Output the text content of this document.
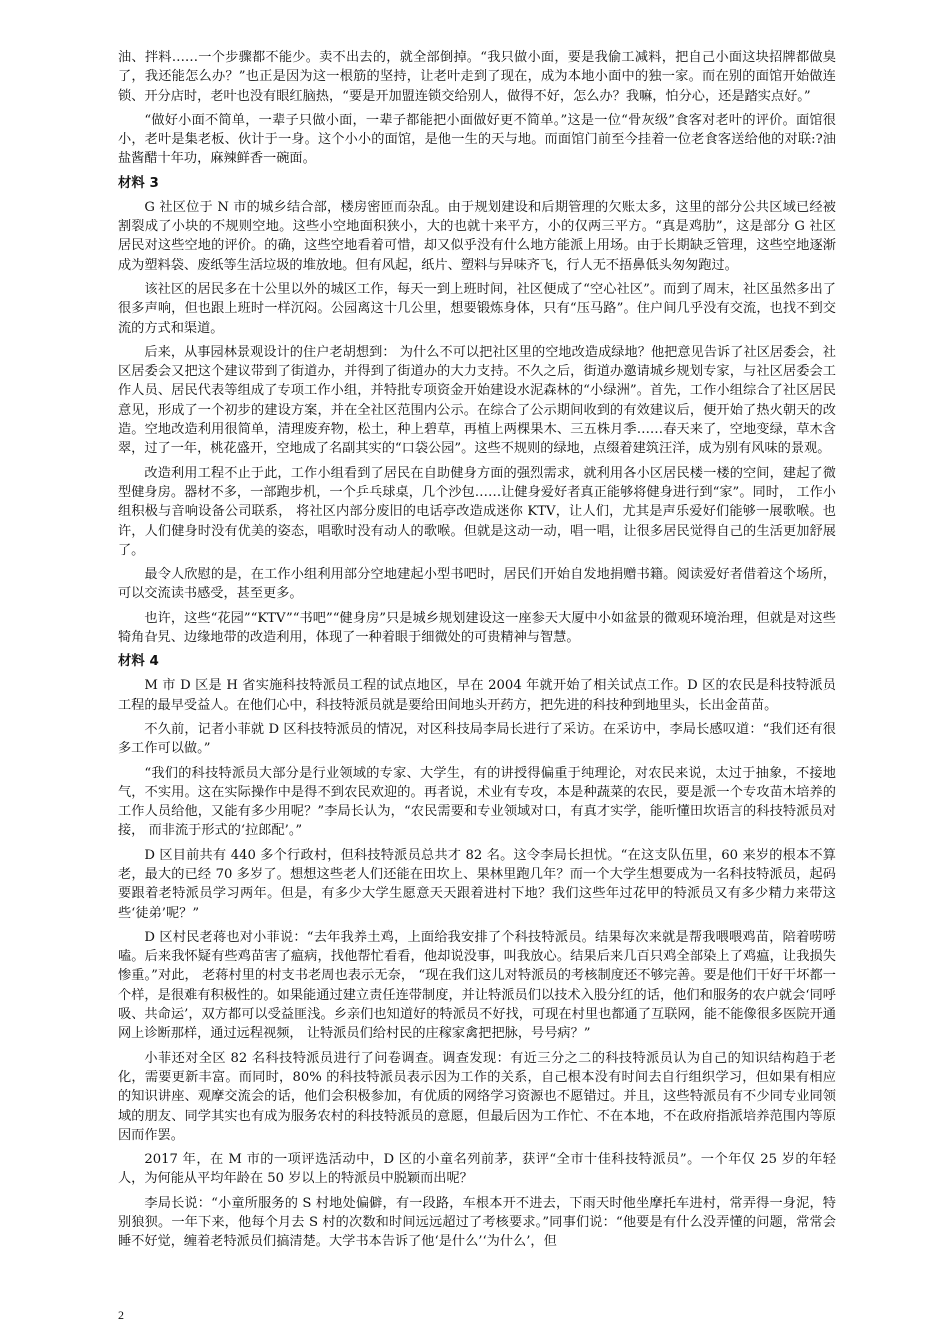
油、拌料……一个步骤都不能少。卖不出去的，就全部倒掉。“我只做小面，要是我偷工减料，把自己小面这块招牌都做臭了，我还能怎么办？”也正是因为这一根筋的坚持，让老叶走到了现在，成为本地小面中的独一家。而在别的面馆开始做连锁、开分店时，老叶也没有眼红脑热，“要是开加盟连锁交给别人，做得不好，怎么办？我嘛，怕分心，还是踏实点好。”

“做好小面不简单，一辈子只做小面，一辈子都能把小面做好更不简单。”这是一位“骨灰级”食客对老叶的评价。面馆很小，老叶是集老板、伙计于一身。这个小小的面馆，是他一生的天与地。而面馆门前至今挂着一位老食客送给他的对联:?油盐酱醋十年功，麻辣鲜香一碗面。

材料 3

G 社区位于 N 市的城乡结合部，楼房密匝而杂乱。由于规划建设和后期管理的欠账太多，这里的部分公共区域已经被割裂成了小块的不规则空地。这些小空地面积狭小，大的也就十来平方，小的仅两三平方。“真是鸡肋”，这是部分 G 社区居民对这些空地的评价。的确，这些空地看着可惜，却又似乎没有什么地方能派上用场。由于长期缺乏管理，这些空地逐渐成为塑料袋、废纸等生活垃圾的堆放地。但有风起，纸片、塑料与异味齐飞，行人无不捂鼻低头匆匆跑过。

该社区的居民多在十公里以外的城区工作，每天一到上班时间，社区便成了“空心社区”。而到了周末，社区虽然多出了很多声响，但也跟上班时一样沉闷。公园离这十几公里，想要锻炼身体，只有“压马路”。住户间几乎没有交流，也找不到交流的方式和渠道。

后来，从事园林景观设计的住户老胡想到： 为什么不可以把社区里的空地改造成绿地？他把意见告诉了社区居委会，社区居委会又把这个建议带到了街道办，并得到了街道办的大力支持。不久之后，街道办邀请城乡规划专家，与社区居委会工作人员、居民代表等组成了专项工作小组，并特批专项资金开始建设水泥森林的“小绿洲”。首先，工作小组综合了社区居民意见，形成了一个初步的建设方案，并在全社区范围内公示。在综合了公示期间收到的有效建议后，便开始了热火朝天的改造。空地改造利用很简单，清理废弃物，松土，种上碧草，再植上两棵果木、三五株月季……春天来了，空地变绿，草木含翠，过了一年，桃花盛开，空地成了名副其实的“口袋公园”。这些不规则的绿地，点缀着建筑汪洋，成为别有风味的景观。

改造利用工程不止于此，工作小组看到了居民在自助健身方面的强烈需求，就利用各小区居民楼一楼的空间，建起了微型健身房。器材不多，一部跑步机，一个乒乓球桌，几个沙包……让健身爱好者真正能够将健身进行到“家”。同时， 工作小组积极与音响设备公司联系， 将社区内部分废旧的电话亭改造成迷你 KTV，让人们，尤其是声乐爱好们能够一展歌喉。也许，人们健身时没有优美的姿态，唱歌时没有动人的歌喉。但就是这动一动，唱一唱，让很多居民觉得自己的生活更加舒展了。

最令人欣慰的是，在工作小组利用部分空地建起小型书吧时，居民们开始自发地捐赠书籍。阅读爱好者借着这个场所，可以交流读书感受，甚至更多。

也许，这些“花园”“KTV”“书吧”“健身房”只是城乡规划建设这一座参天大厦中小如盆景的微观环境治理，但就是对这些犄角旮旯、边缘地带的改造利用，体现了一种着眼于细微处的可贵精神与智慧。

材料 4

M 市 D 区是 H 省实施科技特派员工程的试点地区，早在 2004 年就开始了相关试点工作。D 区的农民是科技特派员工程的最早受益人。在他们心中，科技特派员就是要给田间地头开药方，把先进的科技种到地里头，长出金苗苗。

不久前，记者小菲就 D 区科技特派员的情况，对区科技局李局长进行了采访。在采访中，李局长感叹道：“我们还有很多工作可以做。”

“我们的科技特派员大部分是行业领域的专家、大学生，有的讲授得偏重于纯理论，对农民来说，太过于抽象，不接地气，不实用。这在实际操作中是得不到农民欢迎的。再者说，术业有专攻，本是种蔬菜的农民，要是派一个专攻苗木培养的工作人员给他，又能有多少用呢？”李局长认为，“农民需要和专业领域对口，有真才实学，能听懂田坎语言的科技特派员对接， 而非流于形式的‘拉郎配’。”

D 区目前共有 440 多个行政村，但科技特派员总共才 82 名。这令李局长担忧。“在这支队伍里，60 来岁的根本不算老，最大的已经 70 多岁了。想想这些老人们还能在田坎上、果林里跑几年？而一个大学生想要成为一名科技特派员，起码要跟着老特派员学习两年。但是，有多少大学生愿意天天跟着进村下地？我们这些年过花甲的特派员又有多少精力来带这些‘徒弟’呢？”

D 区村民老蒋也对小菲说：“去年我养土鸡，上面给我安排了个科技特派员。结果每次来就是帮我喂喂鸡苗，陪着唠唠嗑。后来我怀疑有些鸡苗害了瘟病，找他帮忙看看，他却说没事，叫我放心。结果后来几百只鸡全部染上了鸡瘟，让我损失惨重。”对此， 老蒋村里的村支书老周也表示无奈， “现在我们这儿对特派员的考核制度还不够完善。要是他们干好干坏都一个样，是很难有积极性的。如果能通过建立责任连带制度，并让特派员们以技术入股分红的话，他们和服务的农户就会‘同呼吸、共命运’，双方都可以受益匪浅。乡亲们也知道好的特派员不好找，可现在村里也都通了互联网，能不能像很多医院开通网上诊断那样，通过远程视频， 让特派员们给村民的庄稼家禽把把脉，号号病？”

小菲还对全区 82 名科技特派员进行了问卷调查。调查发现：有近三分之二的科技特派员认为自己的知识结构趋于老化，需要更新丰富。而同时，80% 的科技特派员表示因为工作的关系，自己根本没有时间去自行组织学习，但如果有相应的知识讲座、观摩交流会的话，他们会积极参加，有优质的网络学习资源也不愿错过。并且，这些特派员有不少同专业同领域的朋友、同学其实也有成为服务农村的科技特派员的意愿，但最后因为工作忙、不在本地，不在政府指派培养范围内等原因而作罢。

2017 年，在 M 市的一项评选活动中，D 区的小童名列前茅，获评“全市十佳科技特派员”。一个年仅 25 岁的年轻人，为何能从平均年龄在 50 岁以上的特派员中脱颖而出呢？

李局长说：“小童所服务的 S 村地处偏僻，有一段路，车根本开不进去，下雨天时他坐摩托车进村，常弄得一身泥，特别狼狈。一年下来，他每个月去 S 村的次数和时间远远超过了考核要求。”同事们说：“他要是有什么没弄懂的问题，常常会睡不好觉，缠着老特派员们搞清楚。大学书本告诉了他‘是什么’‘为什么’，但

2
